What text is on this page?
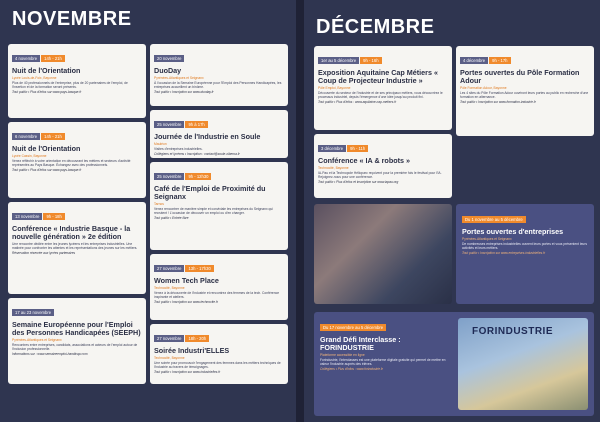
NOVEMBRE
4 novembre 14h - 21h
Nuit de l'Orientation
Lycée Louis-de-Foix, Bayonne
Plus de 40 professionnels de l'entreprise, plus de 20 partenaires de l'emploi, de l'insertion et de la formation seront présents.
Tout public • Plus d'infos sur www.pays-basque.fr
6 novembre 14h - 21h
Nuit de l'Orientation
Lycée Cassin, Bayonne
Venez réfléchir à votre orientation en découvrant les métiers et secteurs d'activité représentés au Pays Basque. Échangez avec des professionnels.
Tout public • Plus d'infos sur www.pays-basque.fr
13 novembre 9h - 18h
Conférence « Industrie Basque - la nouvelle génération » 2e édition
Une rencontre dédiée entre les jeunes lycéens et les entreprises industrielles. Une matinée pour confronter les attentes et les représentations des jeunes sur les métiers.
Réservation réservée aux lycées partenaires
17 au 23 novembre
Semaine Européenne pour l'Emploi des Personnes Handicapées (SEEPH)
Pyrénées-Atlantiques et Seignanx
Rencontres entre entreprises, candidats, associations et acteurs de l'emploi autour de l'inclusion professionnelle.
Informations sur : www.semaineemploi-handicap.com
20 novembre
DuoDay
Pyrénées-Atlantiques et Seignanx
À l'occasion de la Semaine Européenne pour l'Emploi des Personnes Handicapées, les entreprises accueillent un binôme.
Tout public • Inscription sur www.duoday.fr
25 novembre 9h à 17h
Journée de l'Industrie en Soule
Mauléon
Visites d'entreprises industrielles.
Collégiens et lycéens • Inscription : contact@soule-xiberoa.fr
25 novembre 9h - 12h30
Café de l'Emploi de Proximité du Seignanx
Tarnos
Venez rencontrer de manière simple et conviviale les entreprises du Seignanx qui recrutent ! L'occasion de découvrir un emploi ou d'en changer.
Tout public • Entrée libre
27 novembre 13h - 17h30
Women Tech Place
Technocité, Bayonne
Venez à la découverte de l'industrie et rencontrez des femmes de la tech. Conférence inspirante et ateliers.
Tout public • Inscription sur www.technocite.fr
27 novembre 18h - 20h
Soirée Industri'ELLES
Technocité, Bayonne
Une soirée pour promouvoir l'engagement des femmes dans les métiers techniques de l'industrie au travers de témoignages.
Tout public • Inscription sur www.industrielles.fr
DÉCEMBRE
1er au 5 décembre 9h - 16h
Exposition Aquitaine Cap Métiers « Coup de Projecteur Industrie »
Pôle Emploi, Bayonne
Découverte du secteur de l'industrie et de ses principaux métiers, vous découvrirez le processus industriel, depuis l'émergence d'une idée jusqu'au produit fini.
Tout public • Plus d'infos : www.aquitaine-cap-metiers.fr
3 décembre 9h - 11h
Conférence « IA & robots »
Technocité, Bayonne
IA-Pau et la Technopole Hélioparc reçoivent pour la première fois le festival pour l'IA. Rejoignez-nous pour une conférence.
Tout public • Plus d'infos et inscription sur www.iapau.org
4 décembre 9h - 17h
Portes ouvertes du Pôle Formation Adour
Pôle Formation Adour, Bayonne
Les 4 sites du Pôle Formation Adour ouvriront leurs portes au public en recherche d'une formation en alternance.
Tout public • Inscription sur www.formation-industrie.fr
Du 1 novembre au 5 décembre
Portes ouvertes d'entreprises
Pyrénées-Atlantiques et Seignanx
De nombreuses entreprises industrielles ouvrent leurs portes et vous présentent leurs activités et leurs métiers.
Tout public • Inscription sur www.entreprises-industrielles.fr
Du 17 novembre au 5 décembre
Grand Défi Interclasse : FORINDUSTRIE
Plateforme accessible en ligne
Forindustrie, l'interclasses est une plateforme digitale gratuite qui permet de mettre en valeur l'industrie auprès des élèves.
Collégiens • Plus d'infos : www.forindustrie.fr
FORINDUSTRIE
